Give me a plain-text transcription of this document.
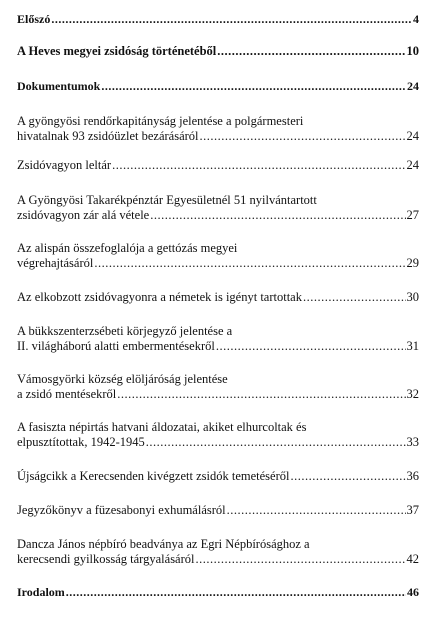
Előszó .....	4
A Heves megyei zsidóság történetéből .....	10
Dokumentumok .....	24
A gyöngyösi rendőrkapitányság jelentése a polgármesteri
hivatalnak 93 zsidóüzlet bezárásáról .....	24
Zsidóvagyon leltár .....	24
A Gyöngyösi Takarékpénztár Egyesületnél 51 nyilvántartott
zsidóvagyon zár alá vétele .....	27
Az alispán összefoglalója a gettózás megyei
végrehajtásáról .....	29
Az elkobzott zsidóvagyonra a németek is igényt tartottak .....	30
A bükkszenterzsébeti körjegyző jelentése a
II. világháború alatti embermentésekről .....	31
Vámosgyörki község elöljáróság jelentése
a zsidó mentésekről .....	32
A fasiszta népirtás hatvani áldozatai, akiket elhurcoltak és
elpusztítottak, 1942-1945 .....	33
Újságcikk a Kerecsenden kivégzett zsidók temetéséről .....	36
Jegyzőkönyv a füzesabonyi exhumálásról .....	37
Dancza János népbíró beadványa az Egri Népbírósághoz a
kerecsendi gyilkosság tárgyalásáról .....	42
Irodalom .....	46
